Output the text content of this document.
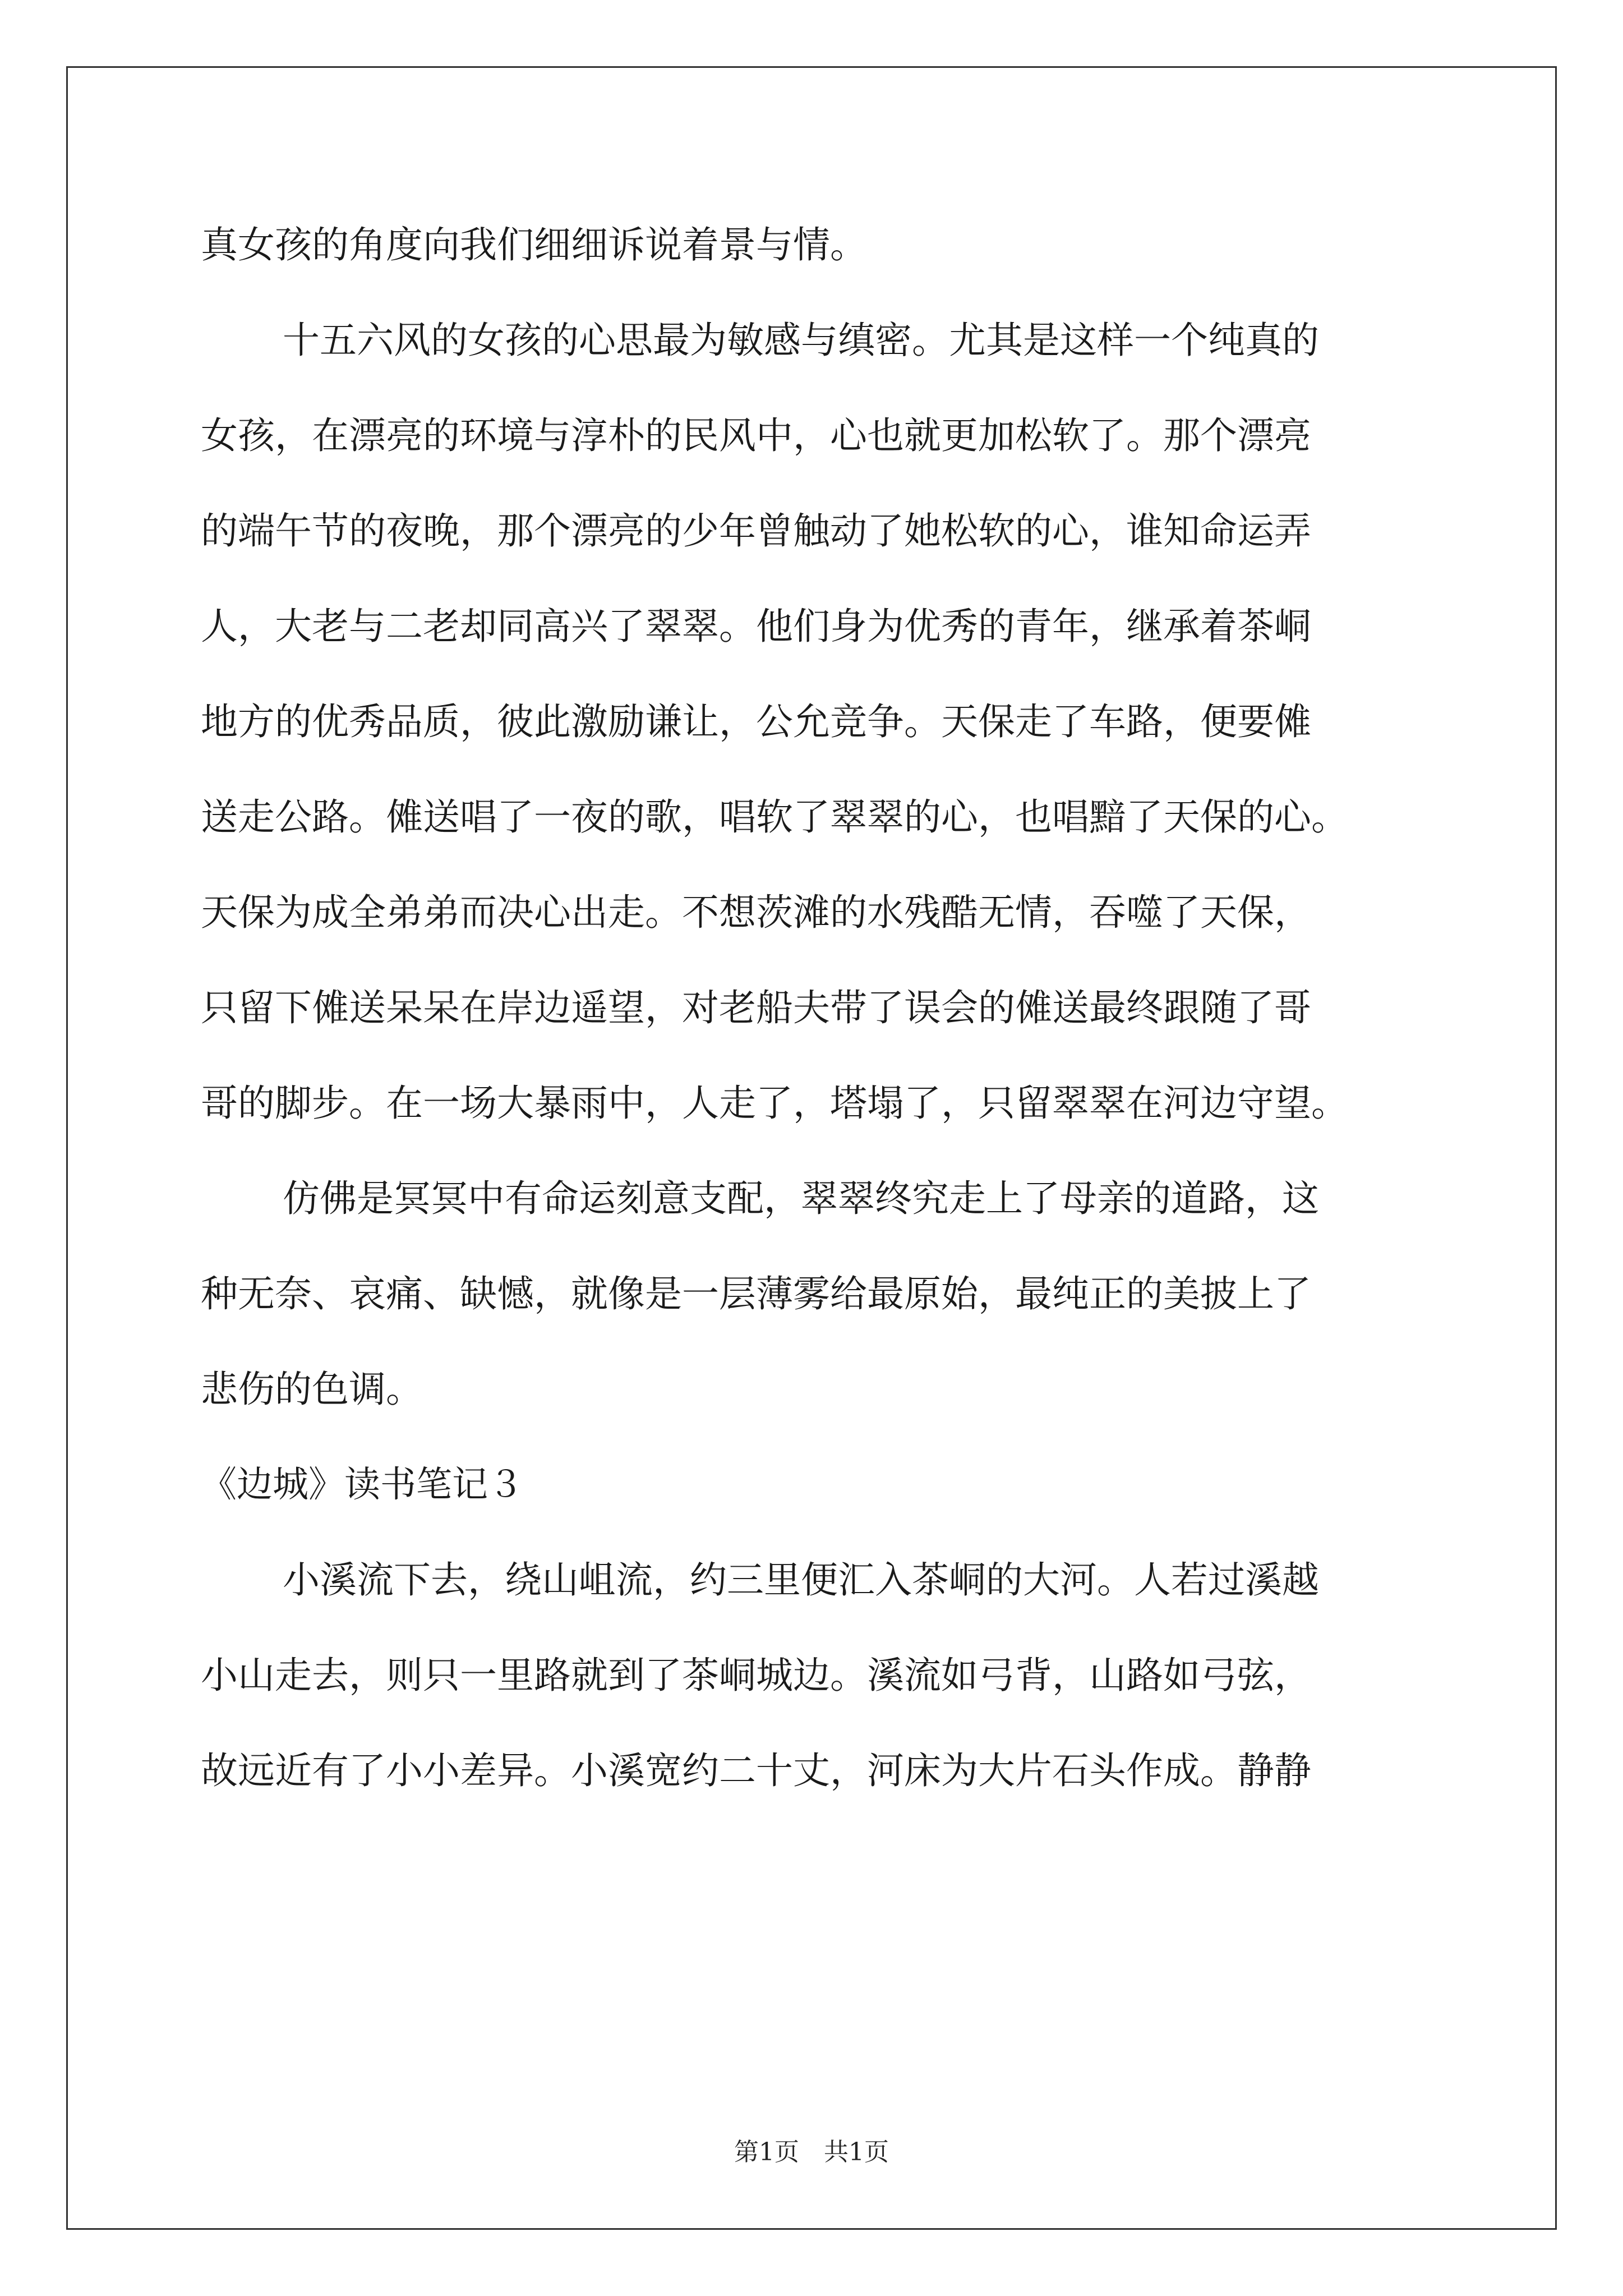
真女孩的角度向我们细细诉说着景与情。
十五六风的女孩的心思最为敏感与缜密。尤其是这样一个纯真的
女孩，在漂亮的环境与淳朴的民风中，心也就更加松软了。那个漂亮
的端午节的夜晚，那个漂亮的少年曾触动了她松软的心，谁知命运弄
人，大老与二老却同高兴了翠翠。他们身为优秀的青年，继承着茶峒
地方的优秀品质，彼此激励谦让，公允竞争。天保走了车路，便要傩
送走公路。傩送唱了一夜的歌，唱软了翠翠的心，也唱黯了天保的心。
天保为成全弟弟而决心出走。不想茨滩的水残酷无情，吞噬了天保，
只留下傩送呆呆在岸边遥望，对老船夫带了误会的傩送最终跟随了哥
哥的脚步。在一场大暴雨中，人走了，塔塌了，只留翠翠在河边守望。
仿佛是冥冥中有命运刻意支配，翠翠终究走上了母亲的道路，这
种无奈、哀痛、缺憾，就像是一层薄雾给最原始，最纯正的美披上了
悲伤的色调。
《边城》读书笔记３
小溪流下去，绕山岨流，约三里便汇入茶峒的大河。人若过溪越
小山走去，则只一里路就到了茶峒城边。溪流如弓背，山路如弓弦，
故远近有了小小差异。小溪宽约二十丈，河床为大片石头作成。静静
第1页　共1页
